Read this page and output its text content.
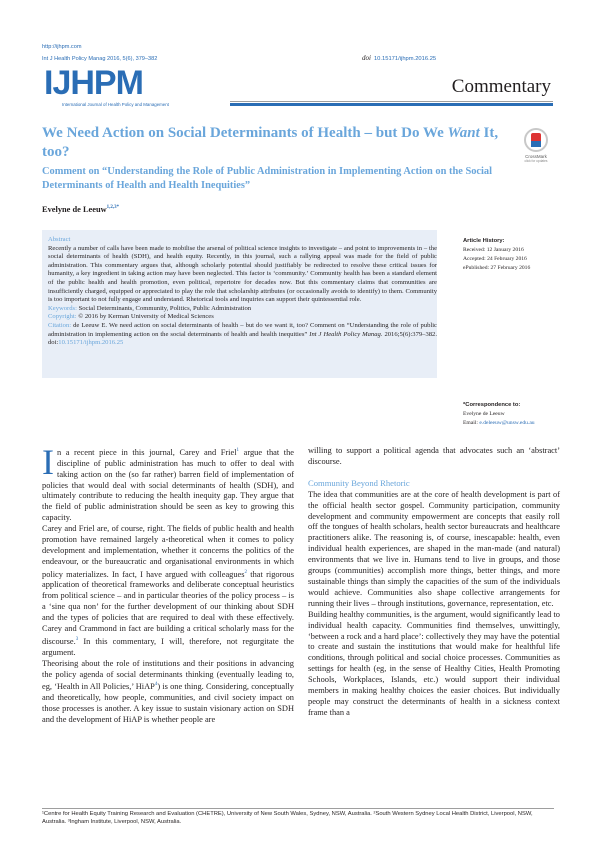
http://ijhpm.com
Int J Health Policy Manag 2016, 5(6), 379–382	doi 10.15171/ijhpm.2016.25
IJHPM
International Journal of Health Policy and Management
Commentary
CrossMark
click for updates
We Need Action on Social Determinants of Health – but Do We Want It, too?
Comment on “Understanding the Role of Public Administration in Implementing Action on the Social Determinants of Health and Health Inequities”
Evelyne de Leeuw$^{1,2,3*}$
Abstract
Recently a number of calls have been made to mobilise the arsenal of political science insights to investigate – and point to improvements in – the social determinants of health (SDH), and health equity. Recently, in this journal, such a rallying appeal was made for the field of public administration. This commentary argues that, although scholarly potential should justifiably be redirected to resolve these critical issues for humanity, a key ingredient in taking action may have been neglected. This factor is ‘community.’ Community health has been a standard element of the public health and health promotion, even political, repertoire for decades now. But this commentary claims that communities are insufficiently charged, equipped or appreciated to play the role that scholarship attributes (or occasionally avoids to identify) to them. Community is too important to not fully engage and understand. Rhetorical tools and inquiries can support their quintessential role.
Keywords: Social Determinants, Community, Politics, Public Administration
Copyright: © 2016 by Kerman University of Medical Sciences
Citation: de Leeuw E. We need action on social determinants of health – but do we want it, too? Comment on “Understanding the role of public administration in implementing action on the social determinants of health and health inequities” Int J Health Policy Manag. 2016;5(6):379–382. doi:10.15171/ijhpm.2016.25
Article History:
Received: 12 January 2016
Accepted: 24 February 2016
ePublished: 27 February 2016
*Correspondence to:
Evelyne de Leeuw
Email: e.deleeuw@unsw.edu.au

In a recent piece in this journal, Carey and Friel$^1$ argue that the discipline of public administration has much to offer to deal with taking action on the (so far rather) barren field of implementation of policies that would deal with social determinants of health (SDH), and ultimately contribute to reducing the health inequity gap. They argue that the field of public administration should be seen as key to growing this capacity.

Carey and Friel are, of course, right. The fields of public health and health promotion have remained largely a-theoretical when it comes to policy development and implementation, whether it concerns the politics of the endeavour, or the bureaucratic and organisational environments in which policy materializes. In fact, I have argued with colleagues$^2$ that rigorous application of theoretical frameworks and deliberate conceptual heuristics from political science – and in particular theories of the policy process – is a ‘sine qua non’ for the further development of our thinking about SDH and the types of policies that are required to deal with these effectively. Carey and Crammond in fact are building a critical scholarly mass for the discourse.$^3$ In this commentary, I will, therefore, not regurgitate the argument.

Theorising about the role of institutions and their positions in advancing the policy agenda of social determinants thinking (eventually leading to, eg, ‘Health in All Policies,’ HiAP$^4$) is one thing. Considering, conceptually and theoretically, how people, communities, and civil society impact on those processes is another. A key issue to sustain visionary action on SDH and the development of HiAP is whether people are

willing to support a political agenda that advocates such an ‘abstract’ discourse.

Community Beyond Rhetoric

The idea that communities are at the core of health development is part of the official health sector gospel. Community participation, community development and community empowerment are concepts that easily roll off the tongues of health scholars, health sector bureaucrats and healthcare practitioners alike. The reasoning is, of course, inescapable: health, even individual health experiences, are shaped in the man-made (and natural) environments that we live in. Humans tend to live in groups, and those groups (communities) accomplish more things, better things, and more sustainable things than simply the capacities of the sum of the individuals would achieve. Communities also shape collective arrangements for running their lives – through institutions, governance, representation, etc.

Building healthy communities, is the argument, would significantly lead to individual health capacity. Communities find themselves, unwittingly, ‘between a rock and a hard place’: collectively they may have the potential to create and sustain the institutions that would make for healthful life conditions, through political and social choice processes. Communities as settings for health (eg, in the sense of Healthy Cities, Health Promoting Schools, Workplaces, Islands, etc.) would support their individual members in making healthy choices the easier choices. But individually people may construct the determinants of health in a sickness context frame than a

¹Centre for Health Equity Training Research and Evaluation (CHETRE), University of New South Wales, Sydney, NSW, Australia. ²South Western Sydney Local Health District, Liverpool, NSW, Australia. ³Ingham Institute, Liverpool, NSW, Australia.
